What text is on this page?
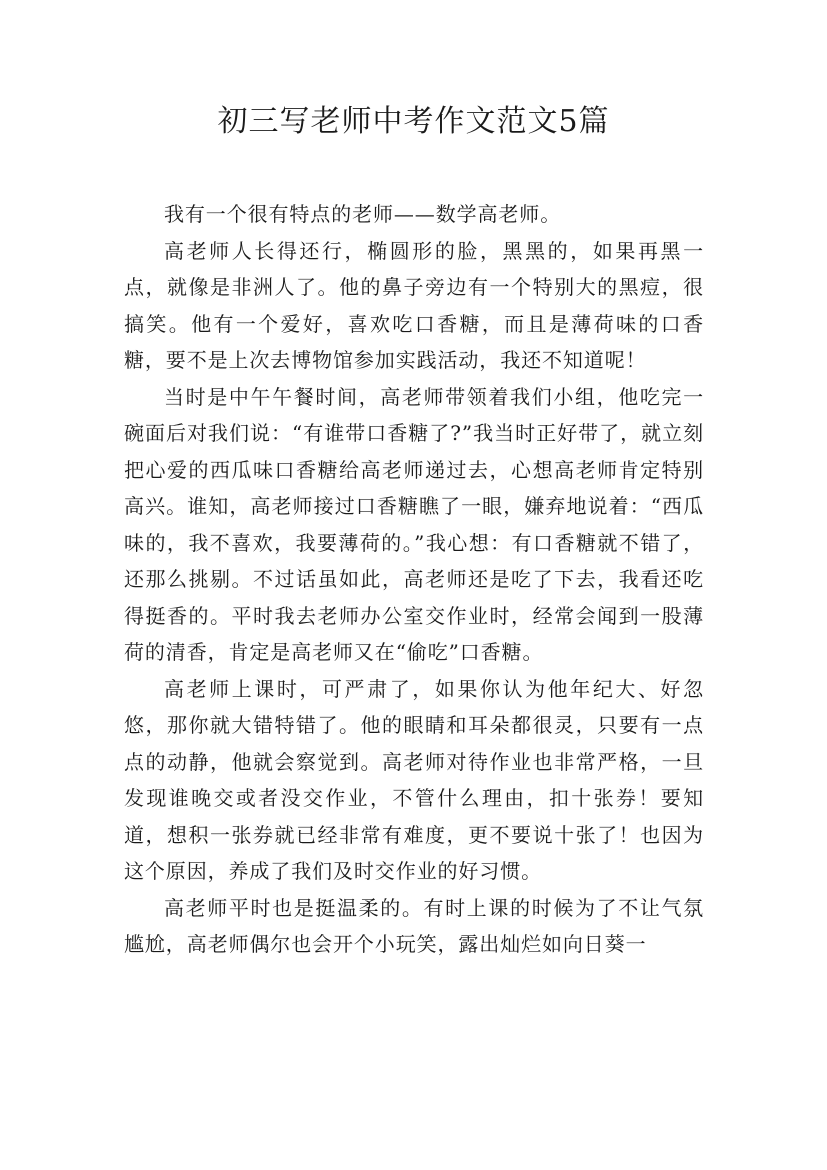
初三写老师中考作文范文5篇

我有一个很有特点的老师——数学高老师。

高老师人长得还行，椭圆形的脸，黑黑的，如果再黑一点，就像是非洲人了。他的鼻子旁边有一个特别大的黑痘，很搞笑。他有一个爱好，喜欢吃口香糖，而且是薄荷味的口香糖，要不是上次去博物馆参加实践活动，我还不知道呢！

当时是中午午餐时间，高老师带领着我们小组，他吃完一碗面后对我们说：“有谁带口香糖了?”我当时正好带了，就立刻把心爱的西瓜味口香糖给高老师递过去，心想高老师肯定特别高兴。谁知，高老师接过口香糖瞧了一眼，嫌弃地说着：“西瓜味的，我不喜欢，我要薄荷的。”我心想：有口香糖就不错了，还那么挑剔。不过话虽如此，高老师还是吃了下去，我看还吃得挺香的。平时我去老师办公室交作业时，经常会闻到一股薄荷的清香，肯定是高老师又在“偷吃”口香糖。

高老师上课时，可严肃了，如果你认为他年纪大、好忽悠，那你就大错特错了。他的眼睛和耳朵都很灵，只要有一点点的动静，他就会察觉到。高老师对待作业也非常严格，一旦发现谁晚交或者没交作业，不管什么理由，扣十张券！要知道，想积一张券就已经非常有难度，更不要说十张了！也因为这个原因，养成了我们及时交作业的好习惯。

高老师平时也是挺温柔的。有时上课的时候为了不让气氛尴尬，高老师偶尔也会开个小玩笑，露出灿烂如向日葵一
